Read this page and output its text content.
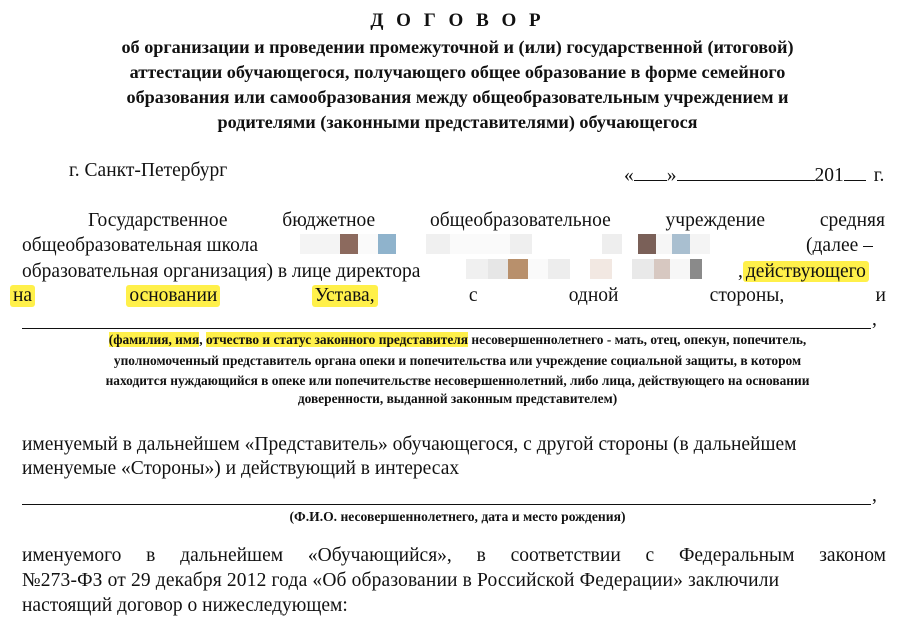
Д О Г О В О Р
об организации и проведении промежуточной и (или) государственной (итоговой)
аттестации обучающегося, получающего общее образование в форме семейного
образования или самообразования между общеобразовательным учреждением и
родителями (законными представителями) обучающегося
г. Санкт-Петербург	« »	201 г.
Государственное	бюджетное	общеобразовательное	учреждение	средняя
общеобразовательная школа	(далее –
образовательная организация) в лице директора	, действующего
на	основании	Устава,	с	одной	стороны,	и
,
(фамилия, имя, отчество и статус законного представителя несовершеннолетнего - мать, отец, опекун, попечитель,
уполномоченный представитель органа опеки и попечительства или учреждение социальной защиты, в котором
находится нуждающийся в опеке или попечительстве несовершеннолетний, либо лица, действующего на основании
доверенности, выданной законным представителем)
именуемый в дальнейшем «Представитель» обучающегося, с другой стороны (в дальнейшем
именуемые «Стороны») и действующий в интересах
,
(Ф.И.О. несовершеннолетнего, дата и место рождения)
именуемого в дальнейшем «Обучающийся», в соответствии с Федеральным законом
№273-ФЗ от 29 декабря 2012 года «Об образовании в Российской Федерации» заключили
настоящий договор о нижеследующем:
